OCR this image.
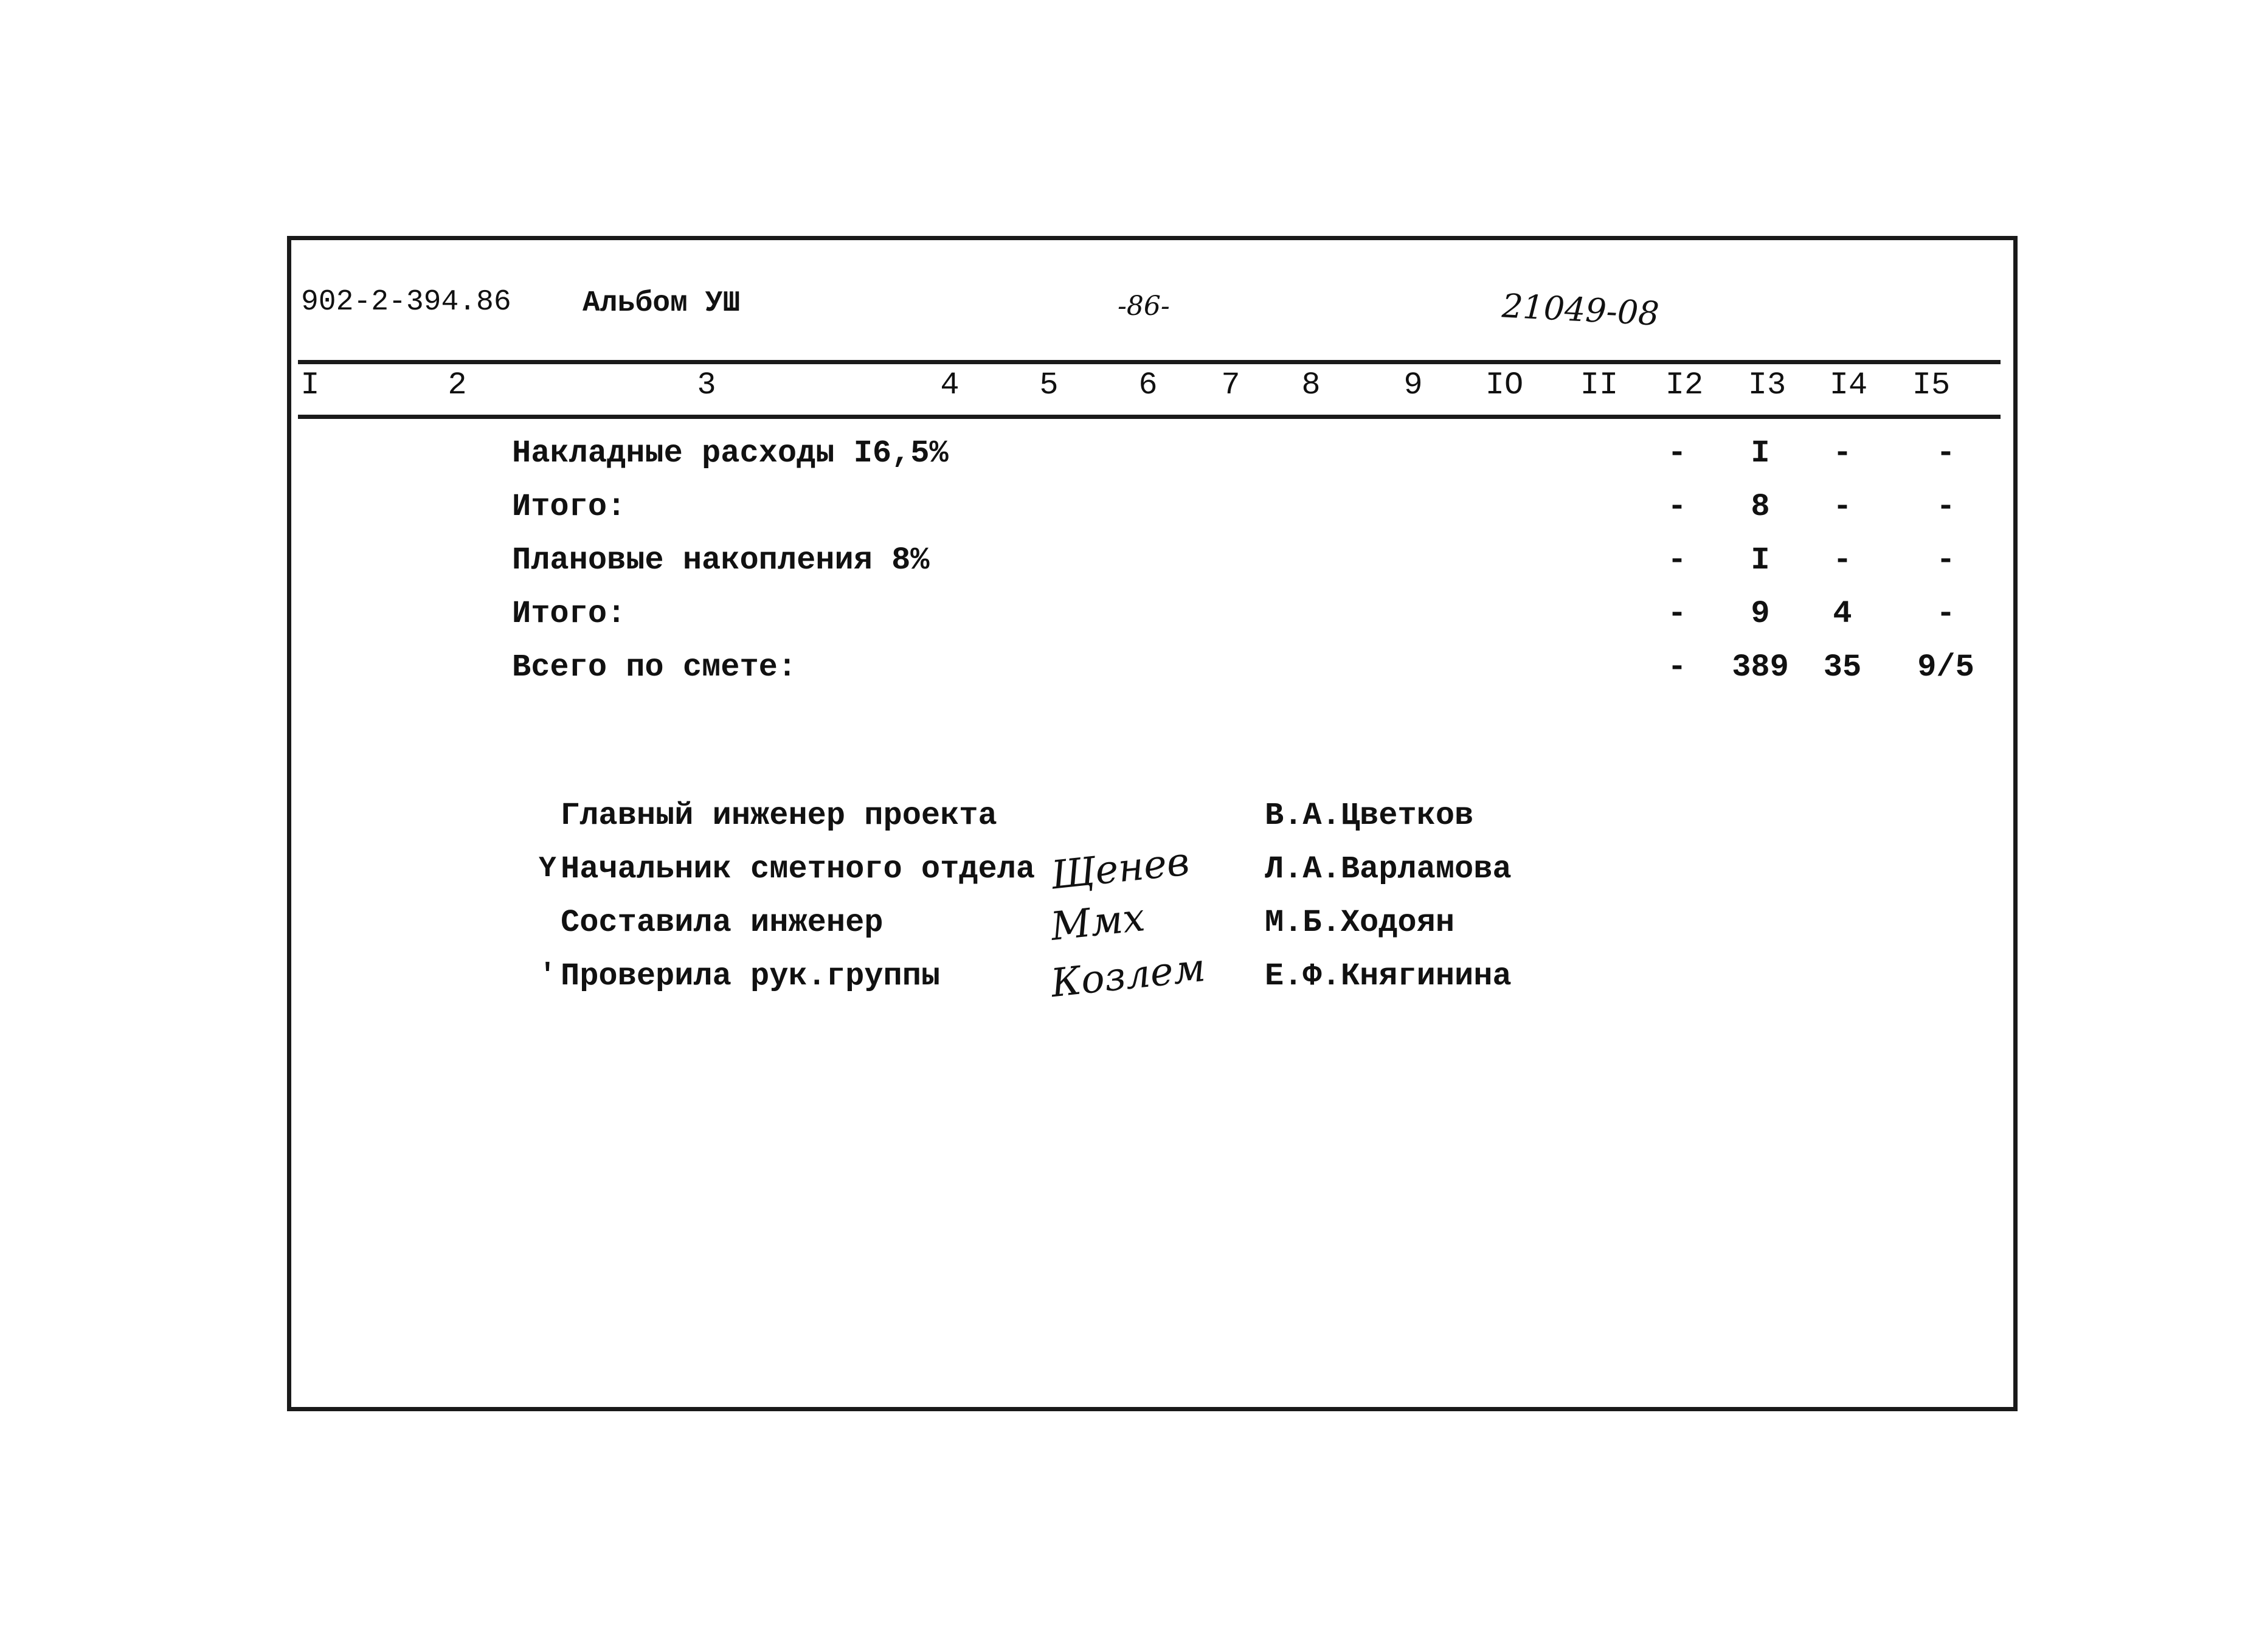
902-2-394.86 Альбом УШ	-86-	21049-08
I	2	3	4	5	6 7 8	9 IO II I2 I3 I4 I5
Накладные расходы I6,5%	- I -	-
Итого:	- 8 -	-
Плановые накопления 8%	- I -	-
Итого:	- 9 4	-
Всего по смете:	- 389 35 9/5
Главный инженер проекта	В.А.Цветков
Начальник сметного отдела Щенев Л.А.Варламова
Составила инженер	Ммх	М.Б.Ходоян
Проверила рук.группы	Козлем Е.Ф.Княгинина
Y
'
